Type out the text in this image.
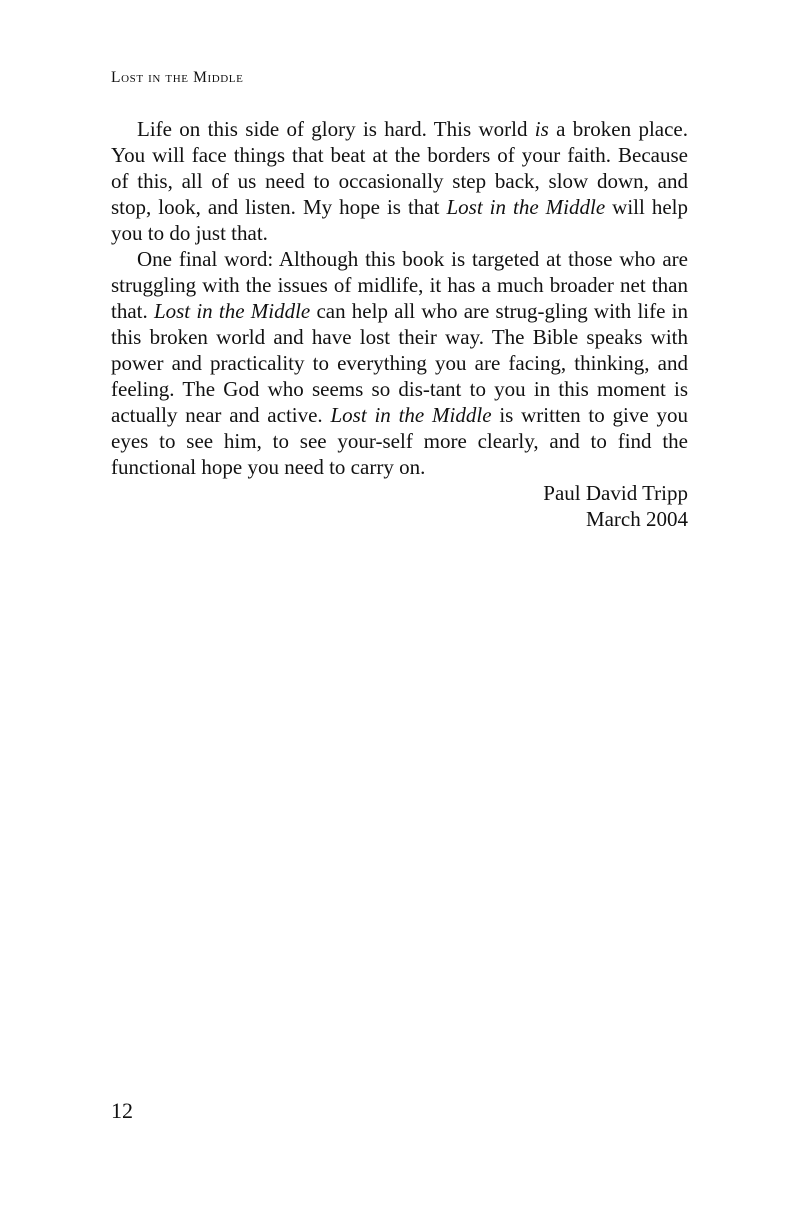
Lost in the Middle

Life on this side of glory is hard. This world is a broken place. You will face things that beat at the borders of your faith. Because of this, all of us need to occasionally step back, slow down, and stop, look, and listen. My hope is that Lost in the Middle will help you to do just that.

One final word: Although this book is targeted at those who are struggling with the issues of midlife, it has a much broader net than that. Lost in the Middle can help all who are strug-gling with life in this broken world and have lost their way. The Bible speaks with power and practicality to everything you are facing, thinking, and feeling. The God who seems so dis-tant to you in this moment is actually near and active. Lost in the Middle is written to give you eyes to see him, to see your-self more clearly, and to find the functional hope you need to carry on.

Paul David Tripp

March 2004

12
